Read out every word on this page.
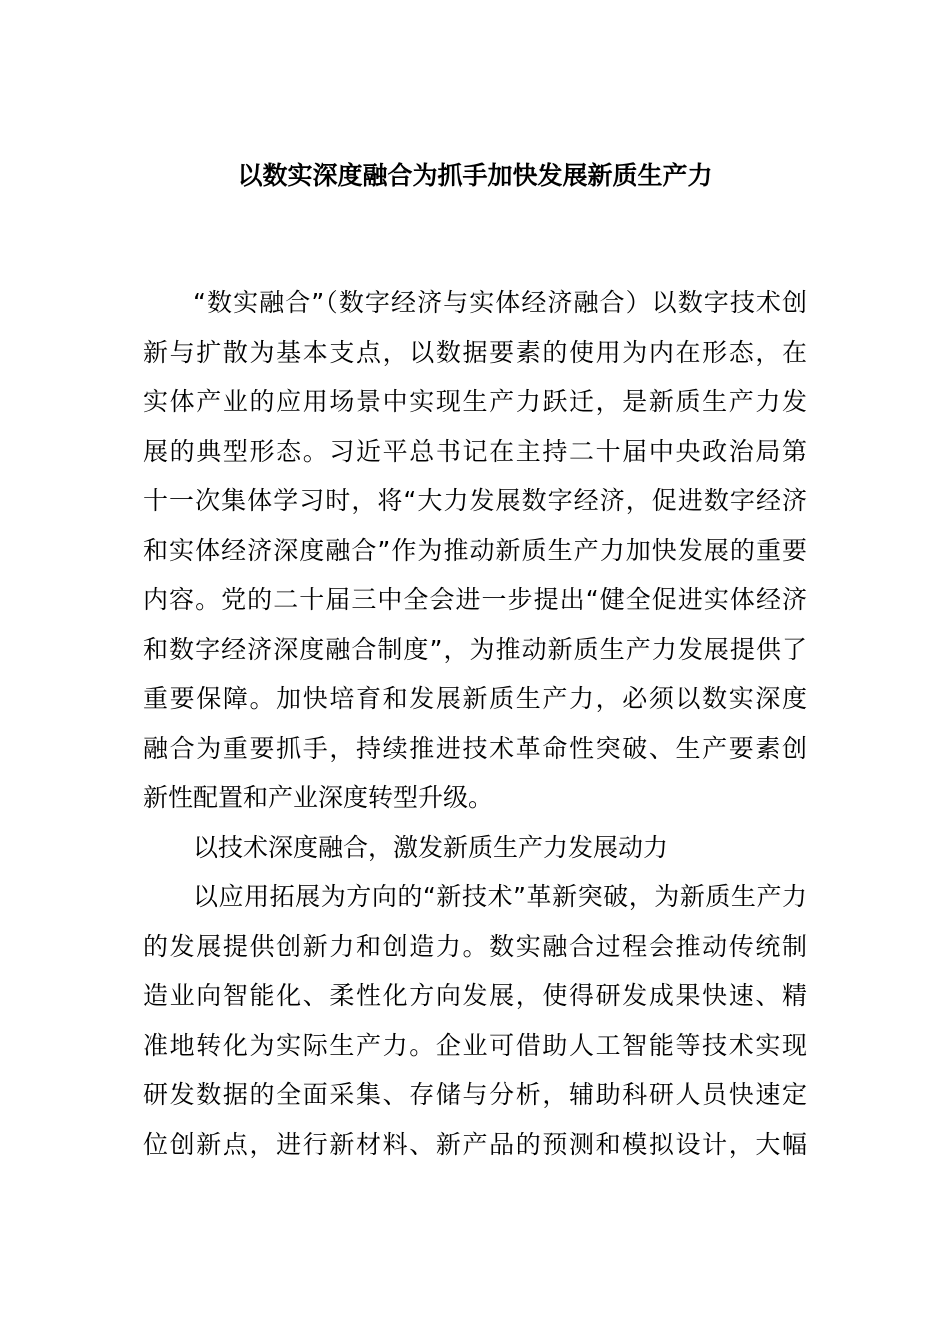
以数实深度融合为抓手加快发展新质生产力
“数实融合”（数字经济与实体经济融合）以数字技术创
新与扩散为基本支点，以数据要素的使用为内在形态，在
实体产业的应用场景中实现生产力跃迁，是新质生产力发
展的典型形态。习近平总书记在主持二十届中央政治局第
十一次集体学习时，将“大力发展数字经济，促进数字经济
和实体经济深度融合”作为推动新质生产力加快发展的重要
内容。党的二十届三中全会进一步提出“健全促进实体经济
和数字经济深度融合制度”，为推动新质生产力发展提供了
重要保障。加快培育和发展新质生产力，必须以数实深度
融合为重要抓手，持续推进技术革命性突破、生产要素创
新性配置和产业深度转型升级。
以技术深度融合，激发新质生产力发展动力
以应用拓展为方向的“新技术”革新突破，为新质生产力
的发展提供创新力和创造力。数实融合过程会推动传统制
造业向智能化、柔性化方向发展，使得研发成果快速、精
准地转化为实际生产力。企业可借助人工智能等技术实现
研发数据的全面采集、存储与分析，辅助科研人员快速定
位创新点，进行新材料、新产品的预测和模拟设计，大幅
